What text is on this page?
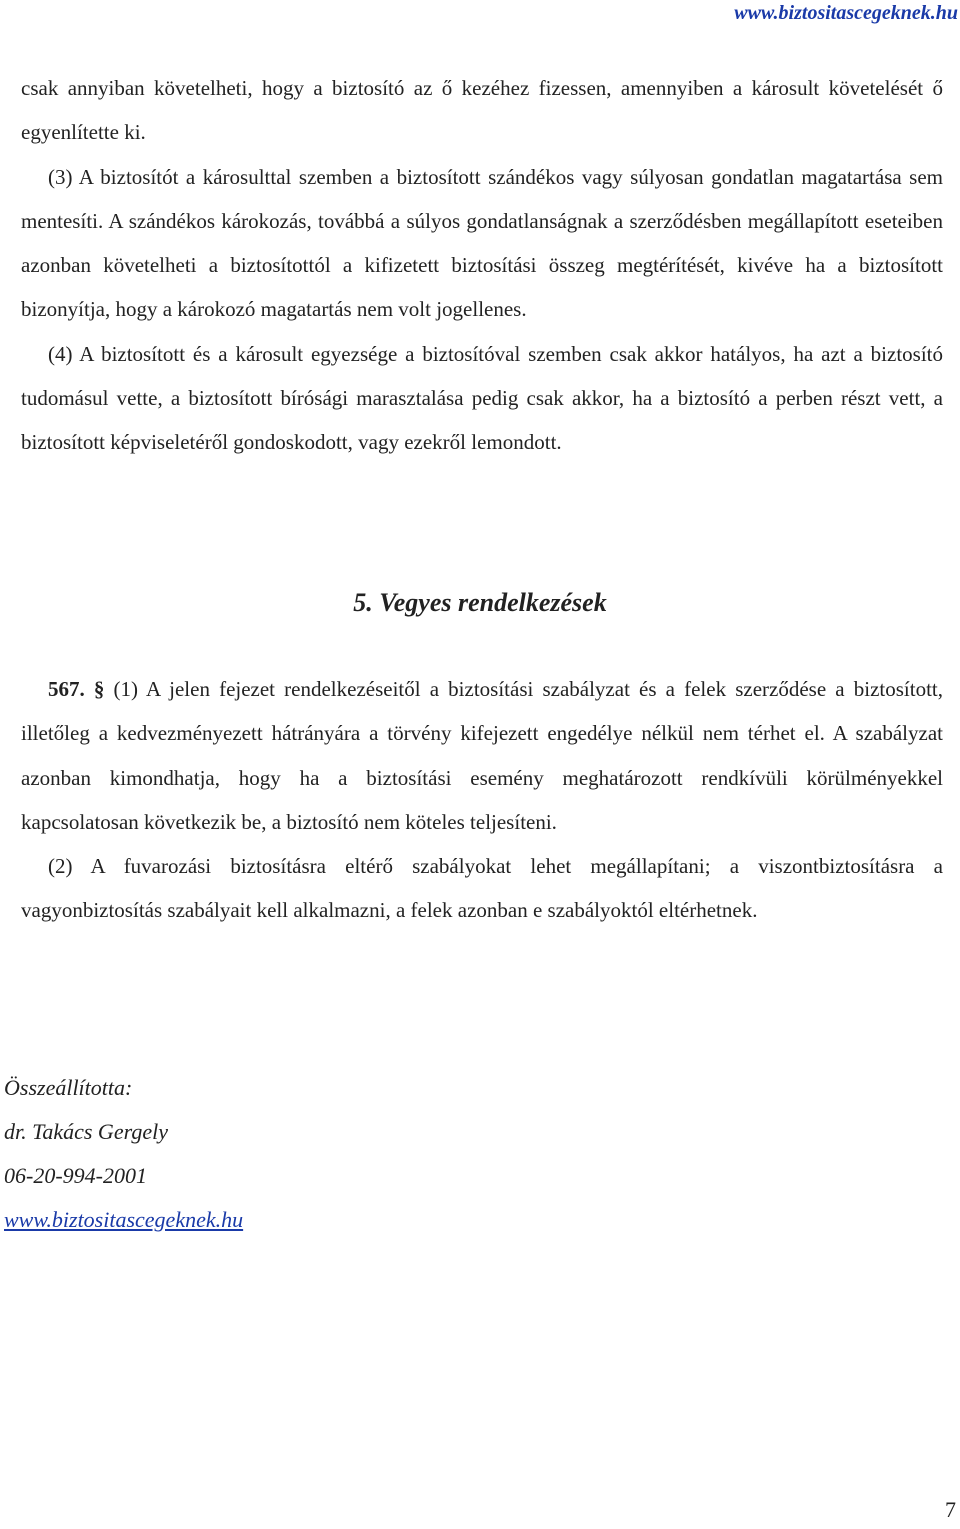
www.biztositascegeknek.hu

csak annyiban követelheti, hogy a biztosító az ő kezéhez fizessen, amennyiben a károsult követelését ő egyenlítette ki.

(3) A biztosítót a károsulttal szemben a biztosított szándékos vagy súlyosan gondatlan magatartása sem mentesíti. A szándékos károkozás, továbbá a súlyos gondatlanságnak a szerződésben megállapított eseteiben azonban követelheti a biztosítottól a kifizetett biztosítási összeg megtérítését, kivéve ha a biztosított bizonyítja, hogy a károkozó magatartás nem volt jogellenes.

(4) A biztosított és a károsult egyezsége a biztosítóval szemben csak akkor hatályos, ha azt a biztosító tudomásul vette, a biztosított bírósági marasztalása pedig csak akkor, ha a biztosító a perben részt vett, a biztosított képviseletéről gondoskodott, vagy ezekről lemondott.

5. Vegyes rendelkezések

567. § (1) A jelen fejezet rendelkezéseitől a biztosítási szabályzat és a felek szerződése a biztosított, illetőleg a kedvezményezett hátrányára a törvény kifejezett engedélye nélkül nem térhet el. A szabályzat azonban kimondhatja, hogy ha a biztosítási esemény meghatározott rendkívüli körülményekkel kapcsolatosan következik be, a biztosító nem köteles teljesíteni.

(2) A fuvarozási biztosításra eltérő szabályokat lehet megállapítani; a viszontbiztosításra a vagyonbiztosítás szabályait kell alkalmazni, a felek azonban e szabályoktól eltérhetnek.

Összeállította:
dr. Takács Gergely
06-20-994-2001
www.biztositascegeknek.hu
7
